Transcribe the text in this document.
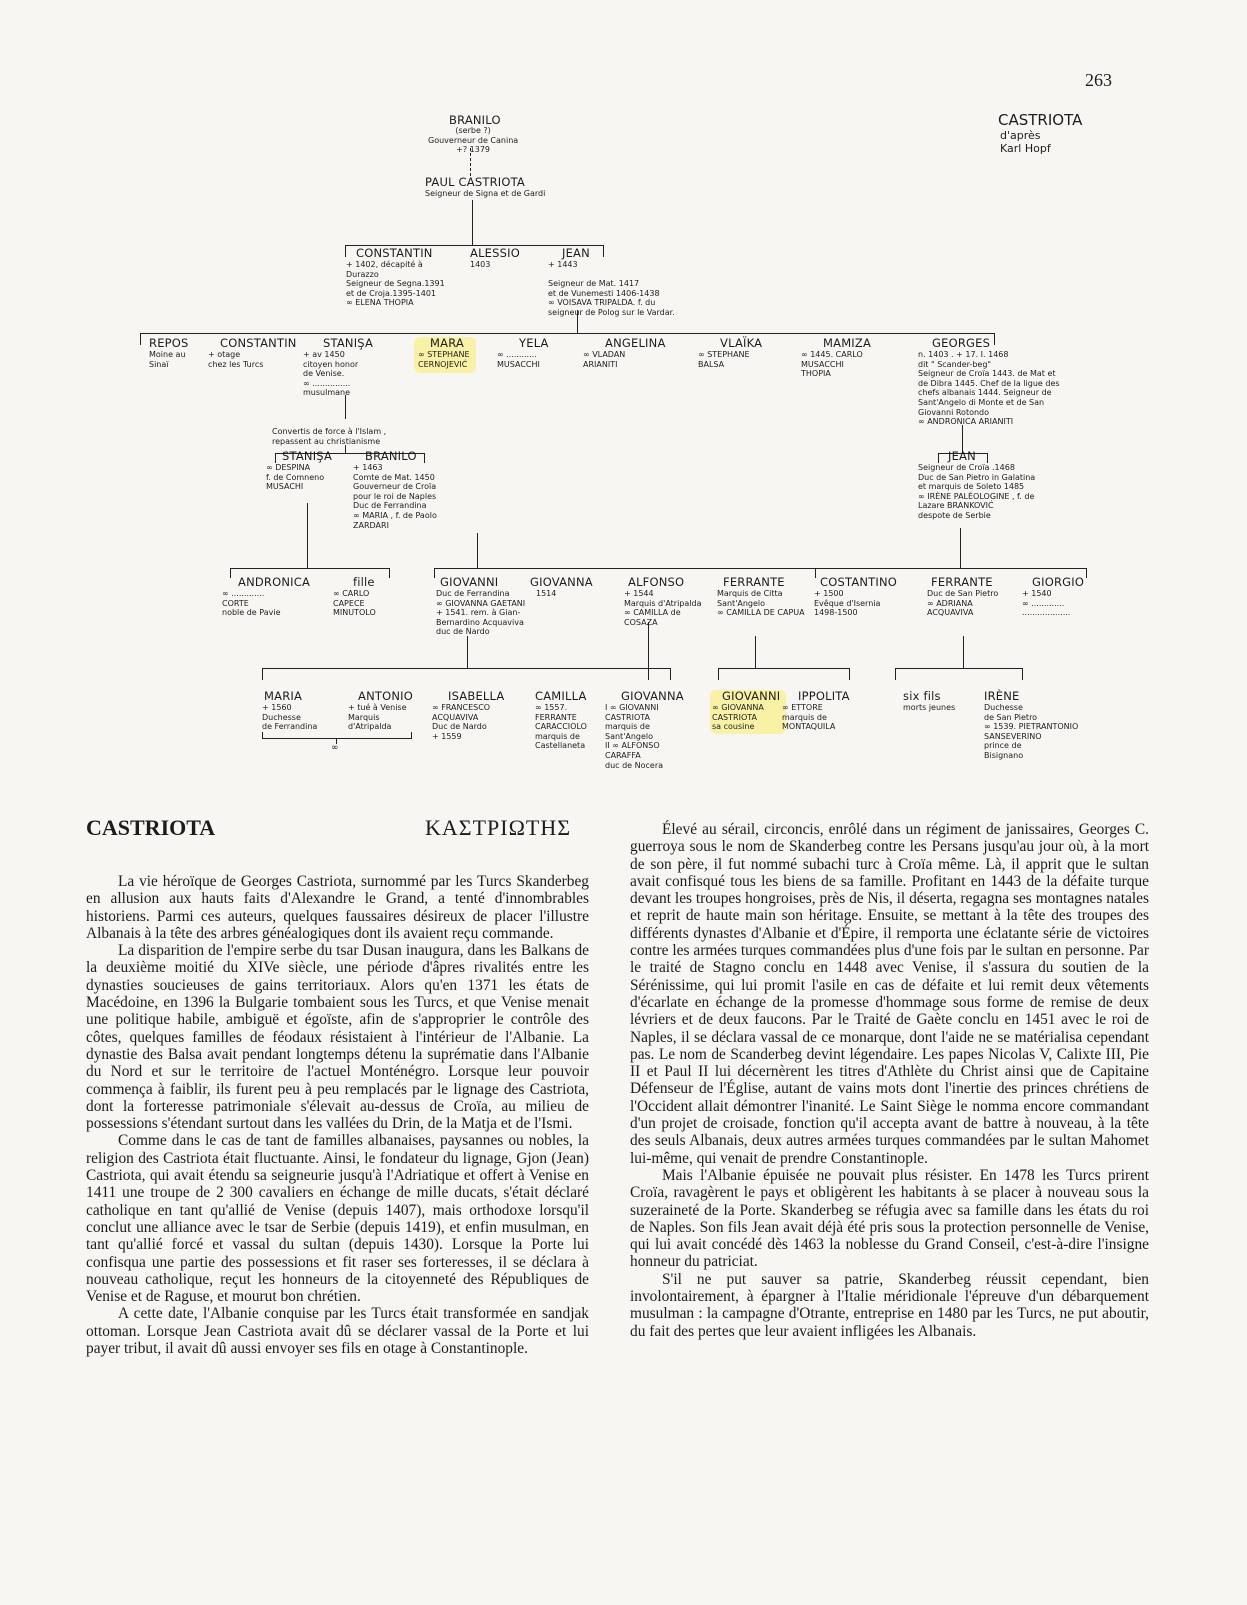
263
CASTRIOTA
d'après
Karl Hopf
BRANILO
(serbe ?)
Gouverneur de Canina
+? 1379
PAUL CASTRIOTA
Seigneur de Signa et de Gardi
CONSTANTIN
+ 1402, décapité à
Durazzo
Seigneur de Segna.1391
et de Croja.1395-1401
∞ ELENA THOPIA
ALESSIO
1403
JEAN
+ 1443

Seigneur de Mat. 1417
et de Vunemesti 1406-1438
∞ VOISAVA TRIPALDA. f. du
seigneur de Polog sur le Vardar.
REPOS
Moine au
Sinaï
CONSTANTIN
+ otage
chez les Turcs
STANIŞA
+ av 1450
citoyen honor
de Venise.
∞ ...............
musulmane
MARA
∞ STEPHANE
CERNOJEVIĆ
YELA
∞ ............
MUSACCHI
ANGELINA
∞ VLADAN
ARIANITI
VLAÏKA
∞ STEPHANE
BALSA
MAMIZA
∞ 1445. CARLO
MUSACCHI
THOPIA
GEORGES
n. 1403 . + 17. I. 1468
dit " Scander-beg"
Seigneur de Croïa 1443. de Mat et
de Dibra 1445. Chef de la ligue des
chefs albanais 1444. Seigneur de
Sant'Angelo di Monte et de San
Giovanni Rotondo
∞ ANDRONICA ARIANITI
Convertis de force à l'Islam ,
repassent au christianisme
STANIŞA
∞ DESPINA
f. de Comneno
MUSACHI
BRANILO
+ 1463
Comte de Mat. 1450
Gouverneur de Croïa
pour le roi de Naples
Duc de Ferrandina
∞ MARIA , f. de Paolo
ZARDARI
JEAN
Seigneur de Croïa .1468
Duc de San Pietro in Galatina
et marquis de Soleto 1485
∞ IRÈNE PALÉOLOGINE , f. de
Lazare BRANKOVIĆ
despote de Serbie
ANDRONICA
∞ .............
CORTE
noble de Pavie
fille
∞ CARLO
CAPECE
MINUTOLO
GIOVANNI
Duc de Ferrandina
∞ GIOVANNA GAETANI
+ 1541. rem. à Gian-
Bernardino Acquaviva
duc de Nardo
GIOVANNA
1514
ALFONSO
+ 1544
Marquis d'Atripalda
∞ CAMILLA de
COSAZA
FERRANTE
Marquis de Citta
Sant'Angelo
∞ CAMILLA DE CAPUA
COSTANTINO
+ 1500
Evêque d'Isernia
1498-1500
FERRANTE
Duc de San Pietro
∞ ADRIANA
ACQUAVIVA
GIORGIO
+ 1540
∞ .............
...................
MARIA
+ 1560
Duchesse
de Ferrandina
ANTONIO
+ tué à Venise
Marquis
d'Atripalda
ISABELLA
∞ FRANCESCO
ACQUAVIVA
Duc de Nardo
+ 1559
CAMILLA
∞ 1557.
FERRANTE
CARACCIOLO
marquis de
Castellaneta
GIOVANNA
I ∞ GIOVANNI
CASTRIOTA
marquis de
Sant'Angelo
II ∞ ALFONSO
CARAFFA
duc de Nocera
GIOVANNI
∞ GIOVANNA
CASTRIOTA
sa cousine
IPPOLITA
∞ ETTORE
marquis de
MONTAQUILA
six fils
morts jeunes
IRÈNE
Duchesse
de San Pietro
∞ 1539. PIETRANTONIO
SANSEVERINO
prince de
Bisignano
∞
CASTRIOTA	ΚΑΣΤΡΙΩΤΗΣ

La vie héroïque de Georges Castriota, surnommé par les Turcs Skanderbeg en allusion aux hauts faits d'Alexandre le Grand, a tenté d'innombrables historiens. Parmi ces auteurs, quelques faussaires désireux de placer l'illustre Albanais à la tête des arbres généalogiques dont ils avaient reçu commande.

La disparition de l'empire serbe du tsar Dusan inaugura, dans les Balkans de la deuxième moitié du XIVe siècle, une période d'âpres rivalités entre les dynasties soucieuses de gains territoriaux. Alors qu'en 1371 les états de Macédoine, en 1396 la Bulgarie tombaient sous les Turcs, et que Venise menait une politique habile, ambiguë et égoïste, afin de s'approprier le contrôle des côtes, quelques familles de féodaux résistaient à l'intérieur de l'Albanie. La dynastie des Balsa avait pendant longtemps détenu la suprématie dans l'Albanie du Nord et sur le territoire de l'actuel Monténégro. Lorsque leur pouvoir commença à faiblir, ils furent peu à peu remplacés par le lignage des Castriota, dont la forteresse patrimoniale s'élevait au-dessus de Croïa, au milieu de possessions s'étendant surtout dans les vallées du Drin, de la Matja et de l'Ismi.

Comme dans le cas de tant de familles albanaises, paysannes ou nobles, la religion des Castriota était fluctuante. Ainsi, le fondateur du lignage, Gjon (Jean) Castriota, qui avait étendu sa seigneurie jusqu'à l'Adriatique et offert à Venise en 1411 une troupe de 2 300 cavaliers en échange de mille ducats, s'était déclaré catholique en tant qu'allié de Venise (depuis 1407), mais orthodoxe lorsqu'il conclut une alliance avec le tsar de Serbie (depuis 1419), et enfin musulman, en tant qu'allié forcé et vassal du sultan (depuis 1430). Lorsque la Porte lui confisqua une partie des possessions et fit raser ses forteresses, il se déclara à nouveau catholique, reçut les honneurs de la citoyenneté des Républiques de Venise et de Raguse, et mourut bon chrétien.

A cette date, l'Albanie conquise par les Turcs était transformée en sandjak ottoman. Lorsque Jean Castriota avait dû se déclarer vassal de la Porte et lui payer tribut, il avait dû aussi envoyer ses fils en otage à Constantinople.

Élevé au sérail, circoncis, enrôlé dans un régiment de janissaires, Georges C. guerroya sous le nom de Skanderbeg contre les Persans jusqu'au jour où, à la mort de son père, il fut nommé subachi turc à Croïa même. Là, il apprit que le sultan avait confisqué tous les biens de sa famille. Profitant en 1443 de la défaite turque devant les troupes hongroises, près de Nis, il déserta, regagna ses montagnes natales et reprit de haute main son héritage. Ensuite, se mettant à la tête des troupes des différents dynastes d'Albanie et d'Épire, il remporta une éclatante série de victoires contre les armées turques commandées plus d'une fois par le sultan en personne. Par le traité de Stagno conclu en 1448 avec Venise, il s'assura du soutien de la Sérénissime, qui lui promit l'asile en cas de défaite et lui remit deux vêtements d'écarlate en échange de la promesse d'hommage sous forme de remise de deux lévriers et de deux faucons. Par le Traité de Gaète conclu en 1451 avec le roi de Naples, il se déclara vassal de ce monarque, dont l'aide ne se matérialisa cependant pas. Le nom de Scanderbeg devint légendaire. Les papes Nicolas V, Calixte III, Pie II et Paul II lui décernèrent les titres d'Athlète du Christ ainsi que de Capitaine Défenseur de l'Église, autant de vains mots dont l'inertie des princes chrétiens de l'Occident allait démontrer l'inanité. Le Saint Siège le nomma encore commandant d'un projet de croisade, fonction qu'il accepta avant de battre à nouveau, à la tête des seuls Albanais, deux autres armées turques commandées par le sultan Mahomet lui-même, qui venait de prendre Constantinople.

Mais l'Albanie épuisée ne pouvait plus résister. En 1478 les Turcs prirent Croïa, ravagèrent le pays et obligèrent les habitants à se placer à nouveau sous la suzeraineté de la Porte. Skanderbeg se réfugia avec sa famille dans les états du roi de Naples. Son fils Jean avait déjà été pris sous la protection personnelle de Venise, qui lui avait concédé dès 1463 la noblesse du Grand Conseil, c'est-à-dire l'insigne honneur du patriciat.

S'il ne put sauver sa patrie, Skanderbeg réussit cependant, bien involontairement, à épargner à l'Italie méridionale l'épreuve d'un débarquement musulman : la campagne d'Otrante, entreprise en 1480 par les Turcs, ne put aboutir, du fait des pertes que leur avaient infligées les Albanais.
